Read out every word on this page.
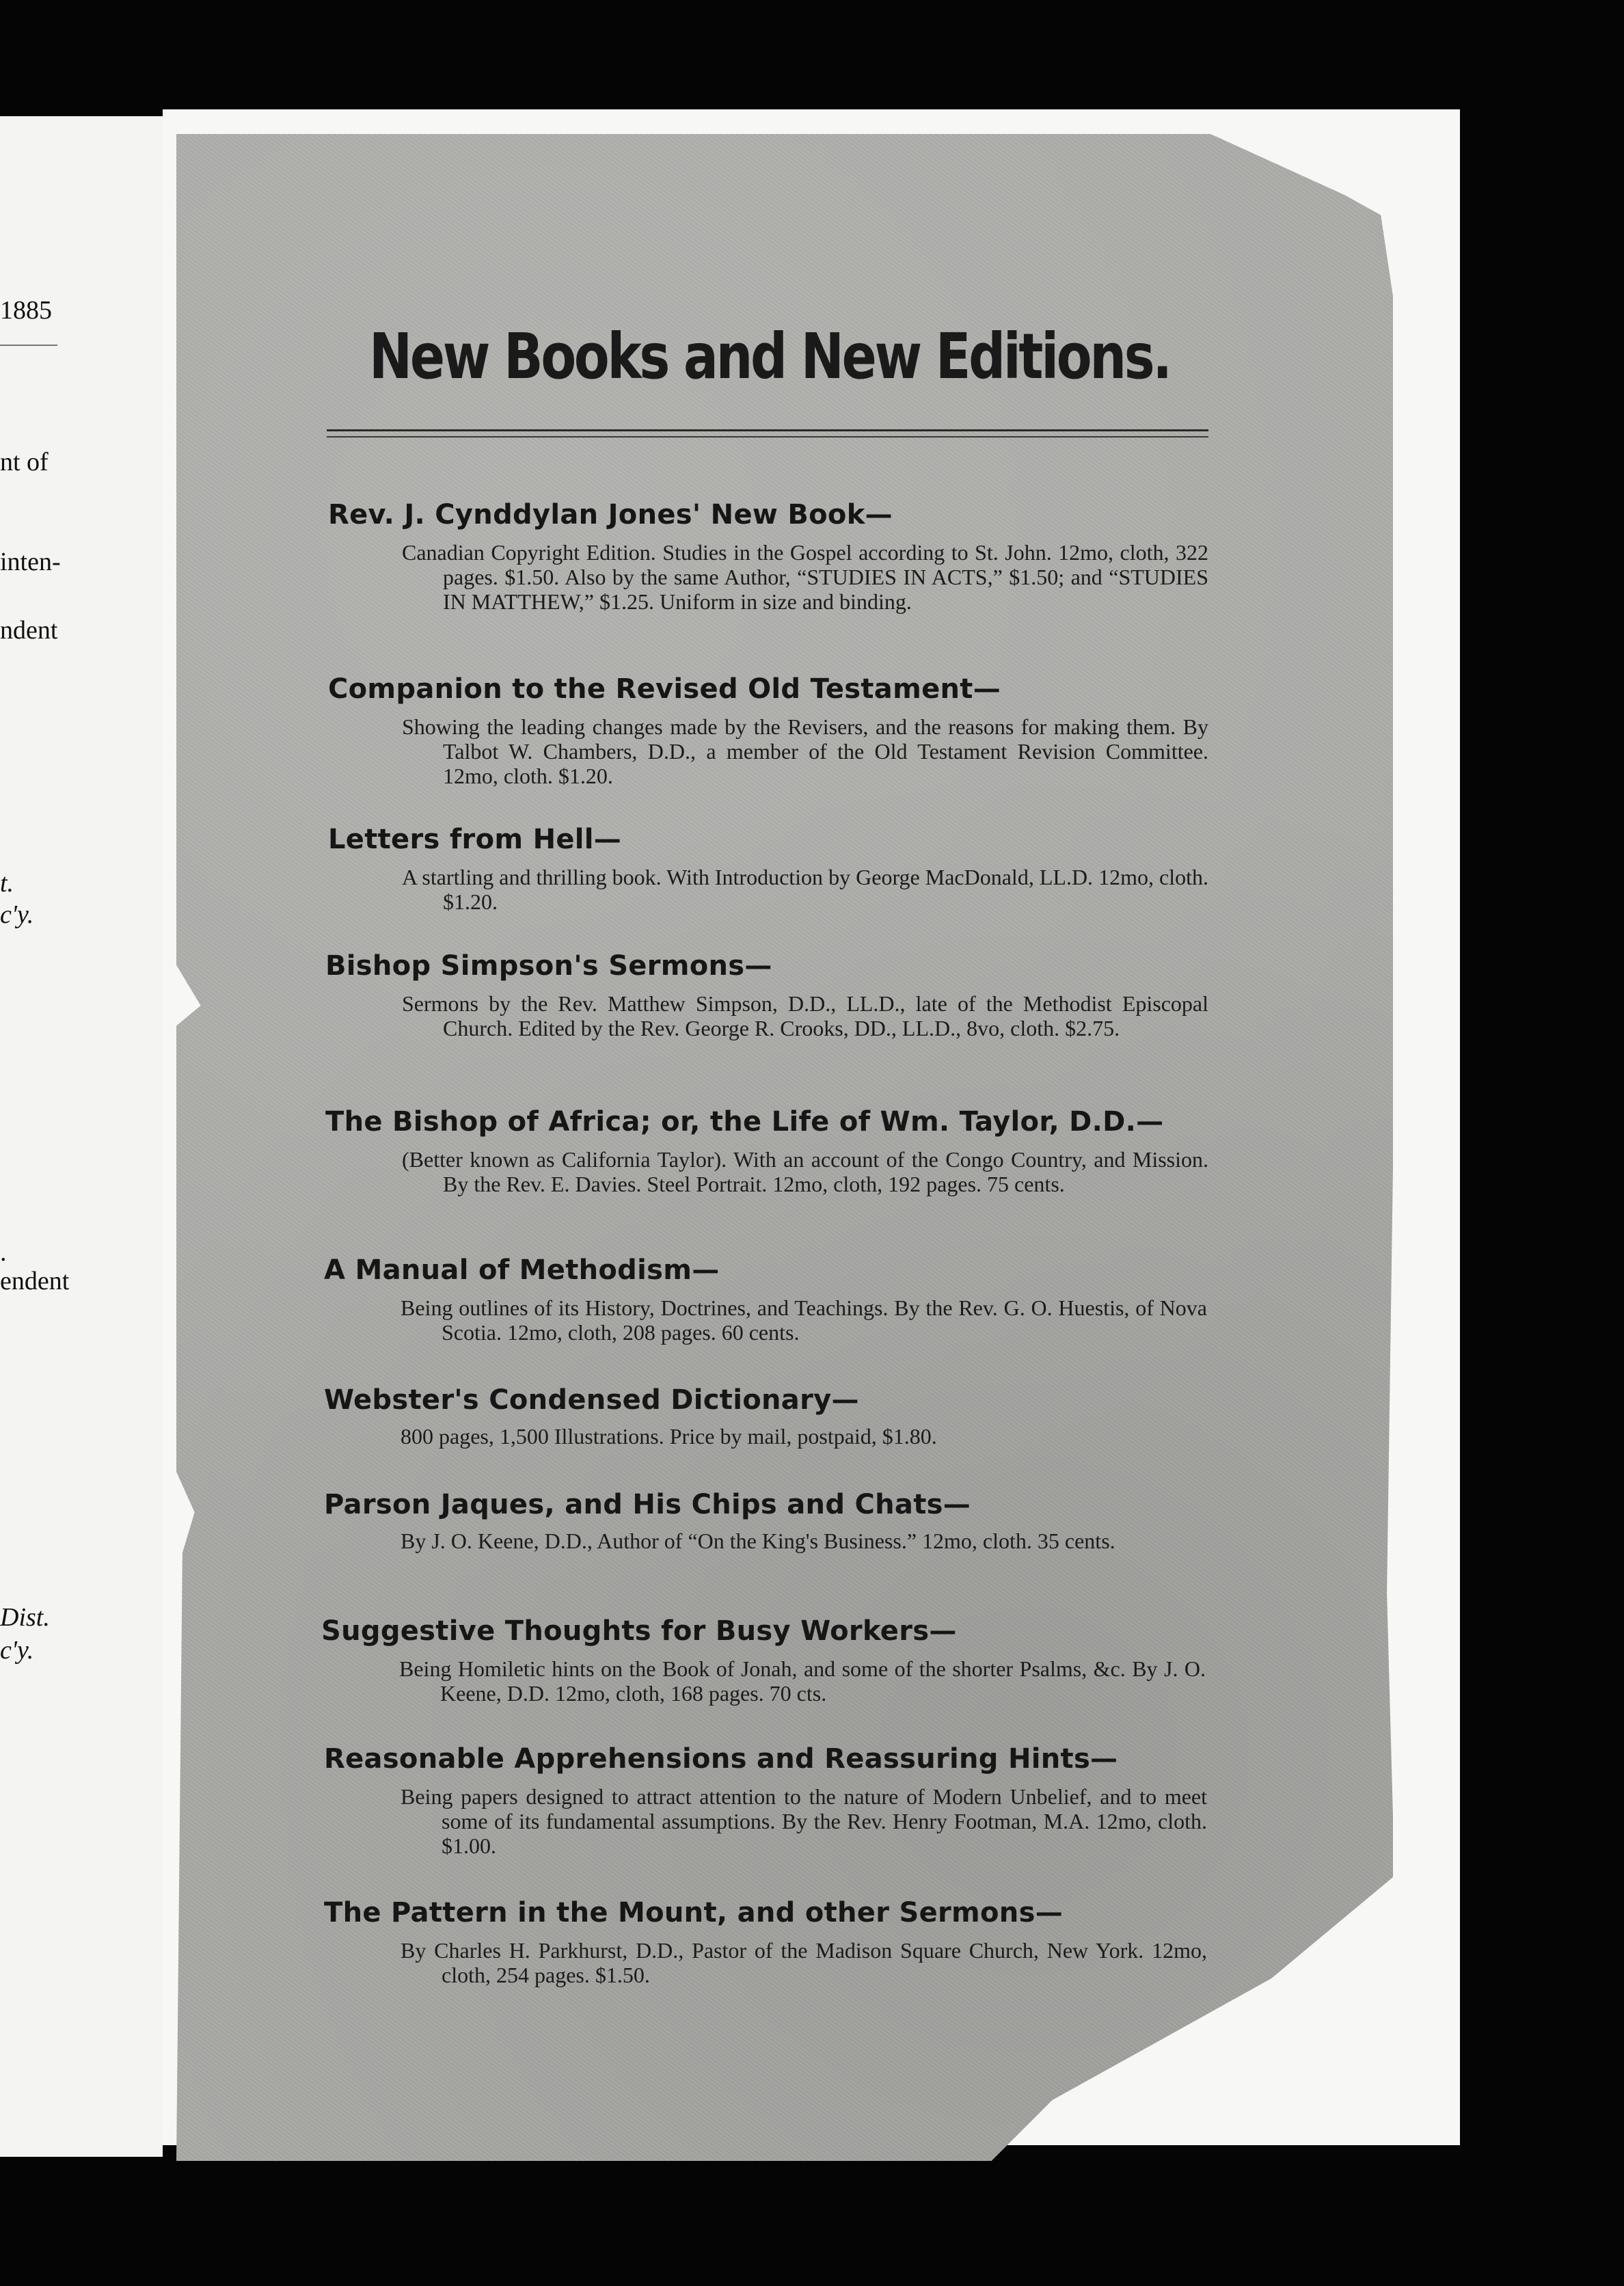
1885
nt of
inten-
ndent
t.
c'y.
.
endent
Dist.
c'y.
New Books and New Editions.
Rev. J. Cynddylan Jones' New Book—
Canadian Copyright Edition. Studies in the Gospel according to St. John. 12mo, cloth, 322 pages. $1.50. Also by the same Author, “STUDIES IN ACTS,” $1.50; and “STUDIES IN MATTHEW,” $1.25. Uniform in size and binding.
Companion to the Revised Old Testament—
Showing the leading changes made by the Revisers, and the reasons for making them. By Talbot W. Chambers, D.D., a member of the Old Testament Revision Committee. 12mo, cloth. $1.20.
Letters from Hell—
A startling and thrilling book. With Introduction by George MacDonald, LL.D. 12mo, cloth. $1.20.
Bishop Simpson's Sermons—
Sermons by the Rev. Matthew Simpson, D.D., LL.D., late of the Methodist Episcopal Church. Edited by the Rev. George R. Crooks, DD., LL.D., 8vo, cloth. $2.75.
The Bishop of Africa; or, the Life of Wm. Taylor, D.D.—
(Better known as California Taylor). With an account of the Congo Country, and Mission. By the Rev. E. Davies. Steel Portrait. 12mo, cloth, 192 pages. 75 cents.
A Manual of Methodism—
Being outlines of its History, Doctrines, and Teachings. By the Rev. G. O. Huestis, of Nova Scotia. 12mo, cloth, 208 pages. 60 cents.
Webster's Condensed Dictionary—
800 pages, 1,500 Illustrations. Price by mail, postpaid, $1.80.
Parson Jaques, and His Chips and Chats—
By J. O. Keene, D.D., Author of “On the King's Business.” 12mo, cloth. 35 cents.
Suggestive Thoughts for Busy Workers—
Being Homiletic hints on the Book of Jonah, and some of the shorter Psalms, &c. By J. O. Keene, D.D. 12mo, cloth, 168 pages. 70 cts.
Reasonable Apprehensions and Reassuring Hints—
Being papers designed to attract attention to the nature of Modern Unbelief, and to meet some of its fundamental assumptions. By the Rev. Henry Footman, M.A. 12mo, cloth. $1.00.
The Pattern in the Mount, and other Sermons—
By Charles H. Parkhurst, D.D., Pastor of the Madison Square Church, New York. 12mo, cloth, 254 pages. $1.50.
